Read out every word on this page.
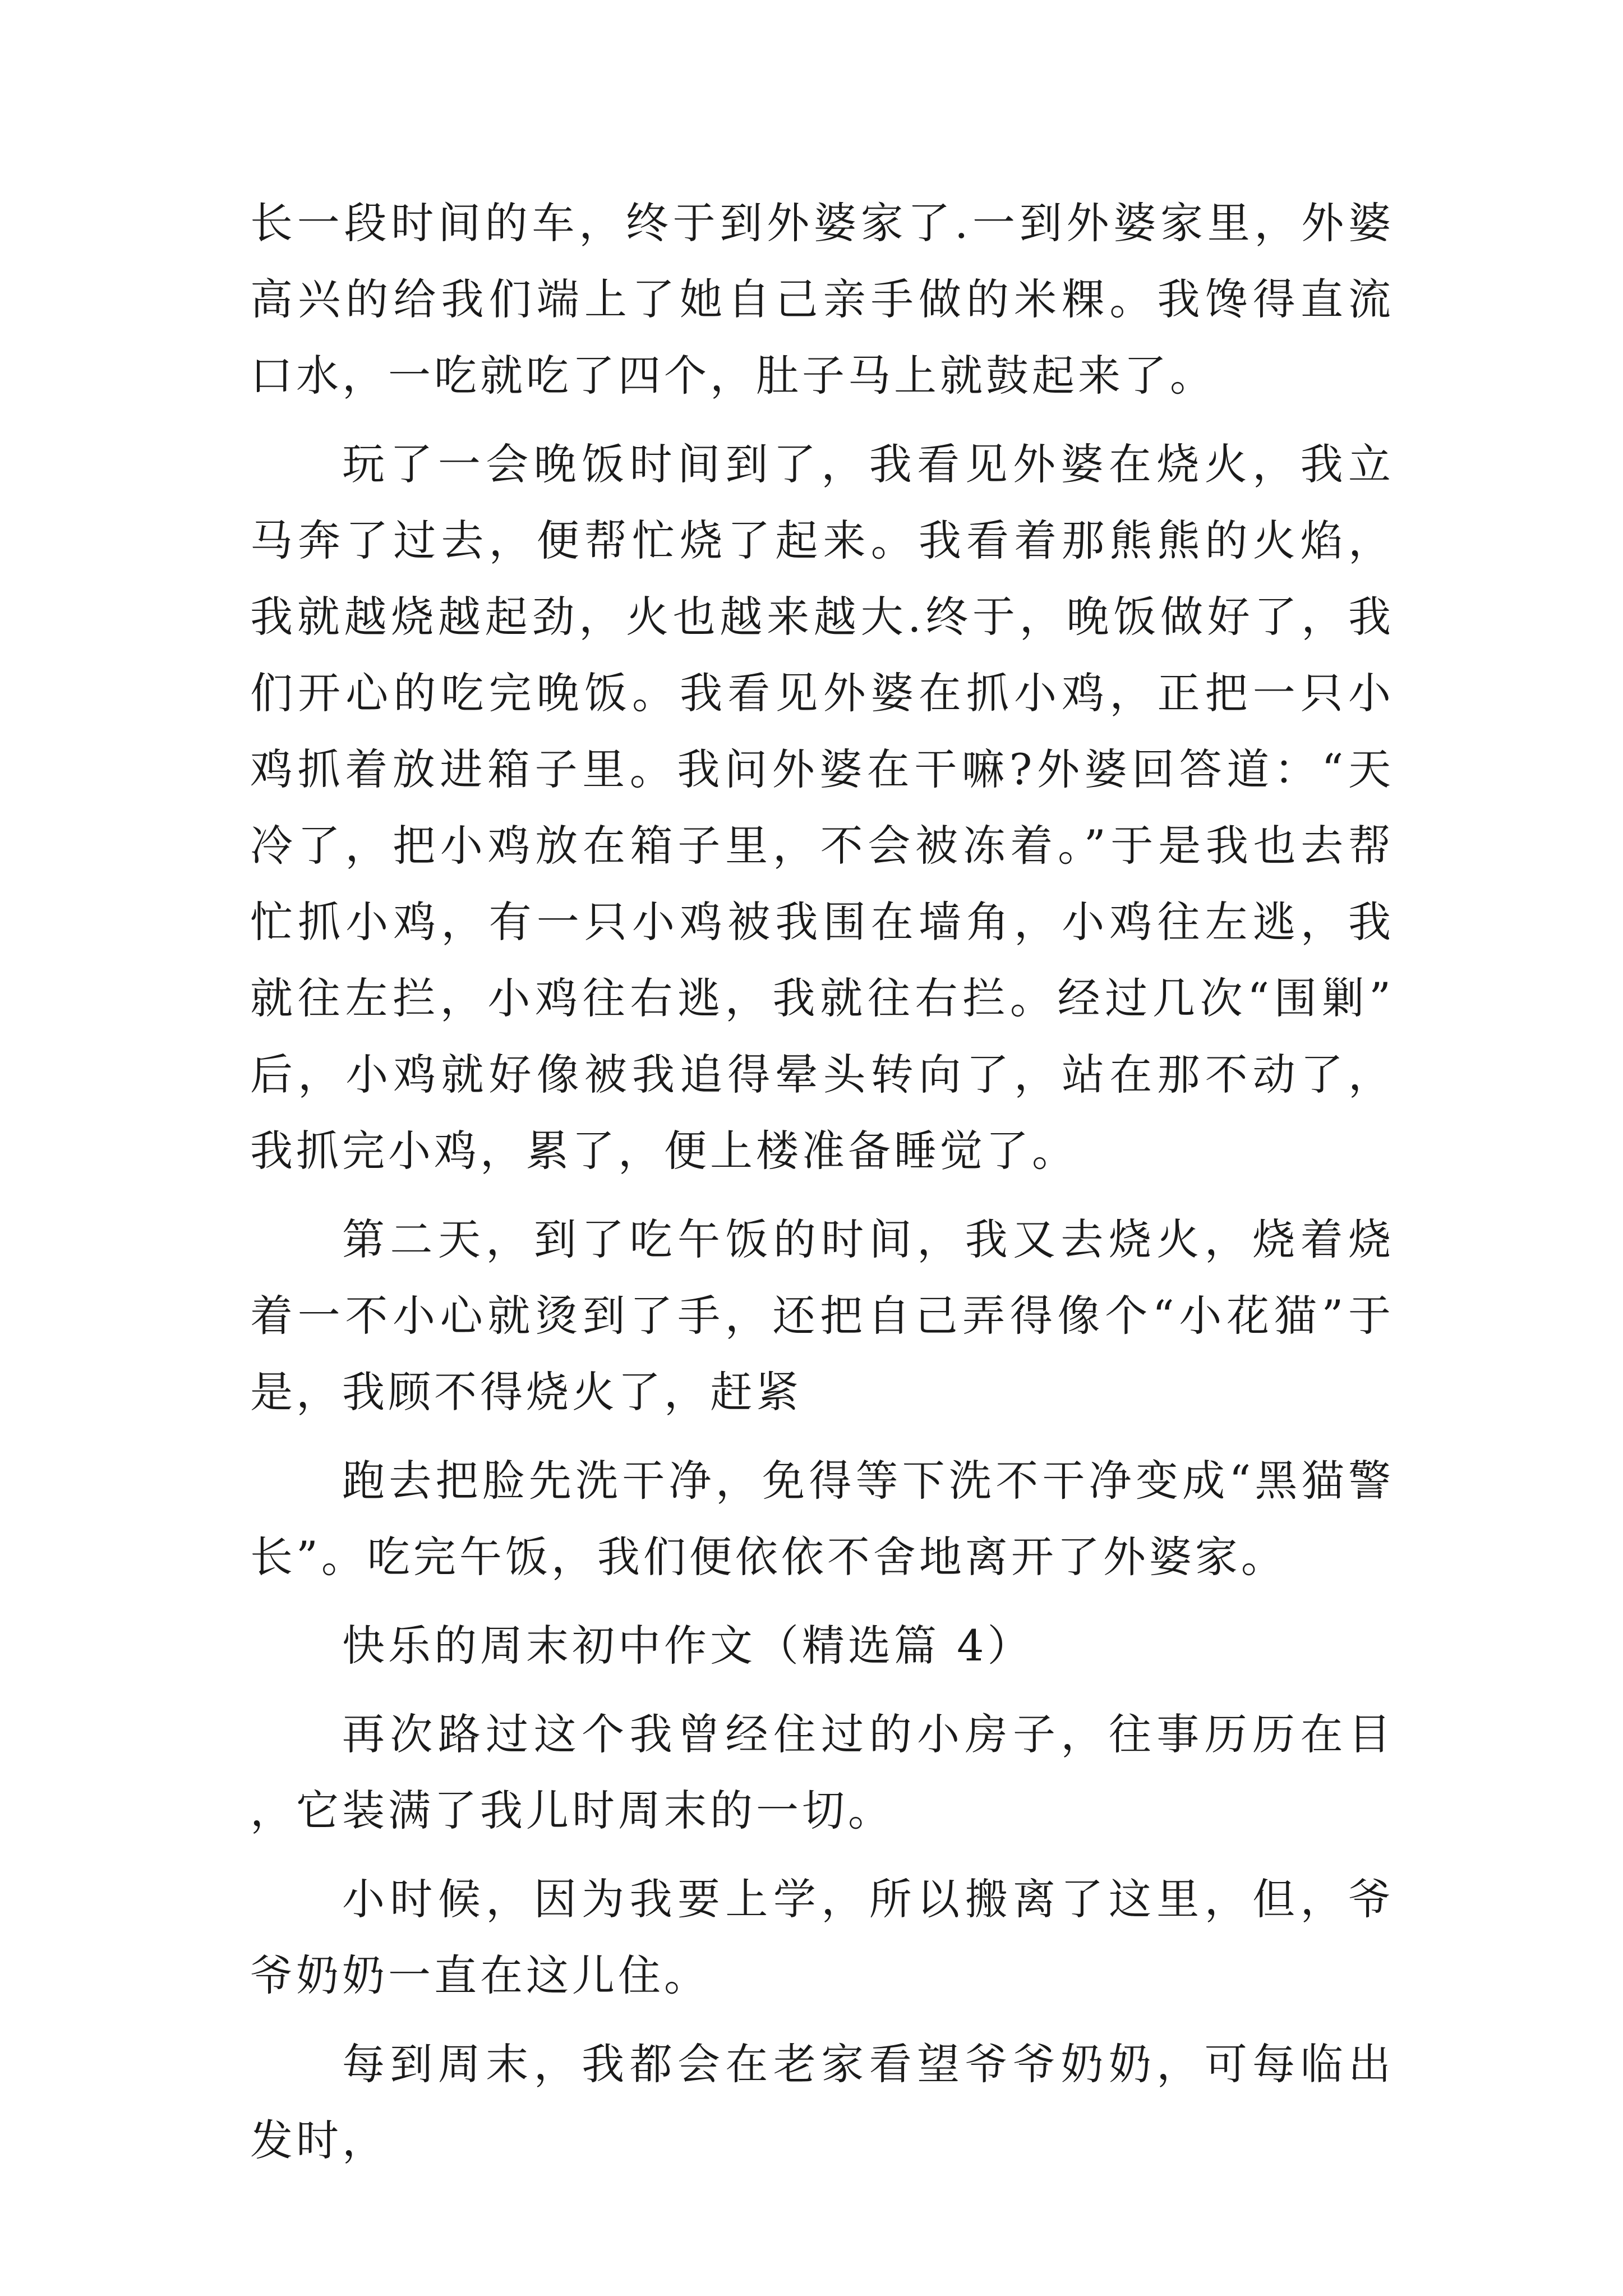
长一段时间的车，终于到外婆家了.一到外婆家里，外婆高兴的给我们端上了她自己亲手做的米粿。我馋得直流口水，一吃就吃了四个，肚子马上就鼓起来了。

玩了一会晚饭时间到了，我看见外婆在烧火，我立马奔了过去，便帮忙烧了起来。我看着那熊熊的火焰，我就越烧越起劲，火也越来越大.终于，晚饭做好了，我们开心的吃完晚饭。我看见外婆在抓小鸡，正把一只小鸡抓着放进箱子里。我问外婆在干嘛?外婆回答道：“天冷了，把小鸡放在箱子里，不会被冻着。”于是我也去帮忙抓小鸡，有一只小鸡被我围在墙角，小鸡往左逃，我就往左拦，小鸡往右逃，我就往右拦。经过几次“围剿”后，小鸡就好像被我追得晕头转向了，站在那不动了，我抓完小鸡，累了，便上楼准备睡觉了。

第二天，到了吃午饭的时间，我又去烧火，烧着烧着一不小心就烫到了手，还把自己弄得像个“小花猫”于是，我顾不得烧火了，赶紧

跑去把脸先洗干净，免得等下洗不干净变成“黑猫警长”。吃完午饭，我们便依依不舍地离开了外婆家。

快乐的周末初中作文（精选篇 4）

再次路过这个我曾经住过的小房子，往事历历在目，它装满了我儿时周末的一切。

小时候，因为我要上学，所以搬离了这里，但，爷爷奶奶一直在这儿住。

每到周末，我都会在老家看望爷爷奶奶，可每临出发时，
